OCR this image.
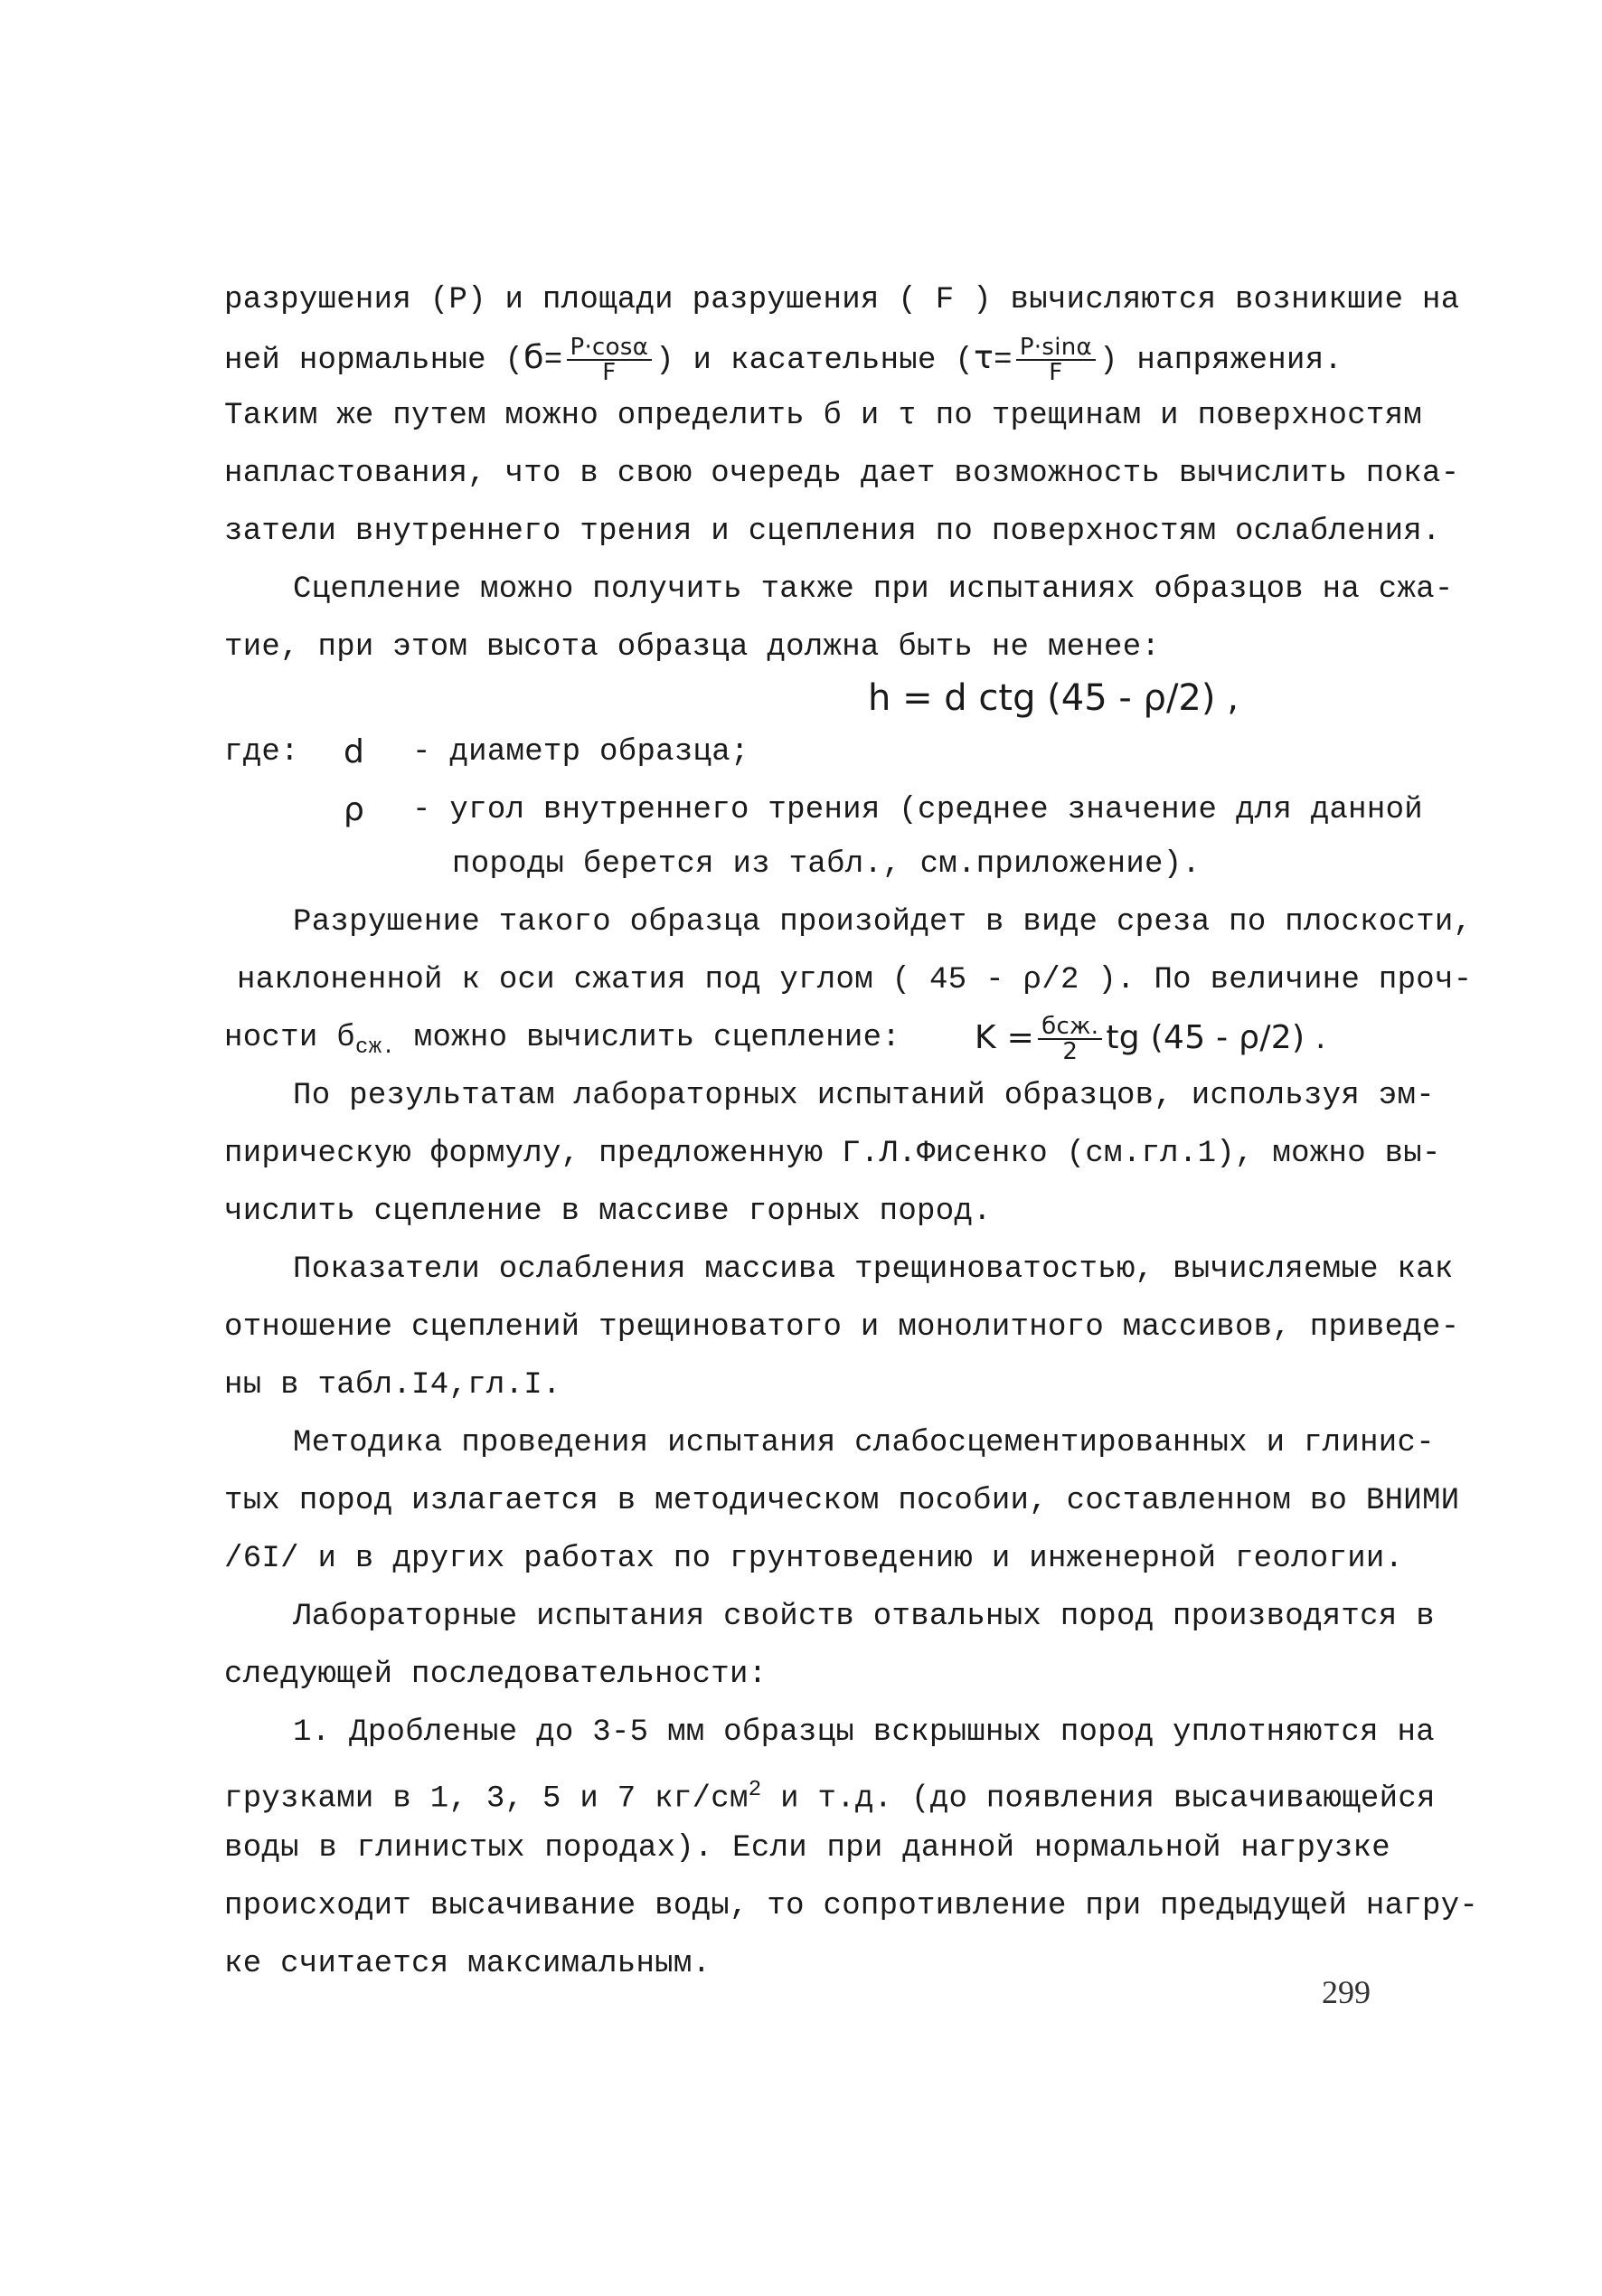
разрушения (Р) и площади разрушения ( F ) вычисляются возникшие на
ней нормальные ($б= \frac{P\cdot\cos\alpha}{F}$ ) и касательные ($\tau= \frac{P\cdot\sin\alpha}{F}$ ) напряжения.
Таким же путем можно определить б и τ по трещинам и поверхностям
напластования, что в свою очередь дает возможность вычислить пока-
затели внутреннего трения и сцепления по поверхностям ослабления.
Сцепление можно получить также при испытаниях образцов на сжа-
тие, при этом высота образца должна быть не менее:
h = d ctg (45 - ρ/2) ,
где: d - диаметр образца;
ρ - угол внутреннего трения (среднее значение для данной
породы берется из табл., см.приложение).
Разрушение такого образца произойдет в виде среза по плоскости,
наклоненной к оси сжатия под углом ( 45 - ρ/2 ). По величине проч-
ности $б_{сж.}$ можно вычислить сцепление: $K = \frac{\text{бсж.}}{2}$ tg (45 - ρ/2) .
По результатам лабораторных испытаний образцов, используя эм-
пирическую формулу, предложенную Г.Л.Фисенко (см.гл.1), можно вы-
числить сцепление в массиве горных пород.
Показатели ослабления массива трещиноватостью, вычисляемые как
отношение сцеплений трещиноватого и монолитного массивов, приведе-
ны в табл.I4,гл.I.
Методика проведения испытания слабосцементированных и глинис-
тых пород излагается в методическом пособии, составленном во ВНИМИ
/6I/ и в других работах по грунтоведению и инженерной геологии.
Лабораторные испытания свойств отвальных пород производятся в
следующей последовательности:
1. Дробленые до 3-5 мм образцы вскрышных пород уплотняются на
грузками в 1, 3, 5 и 7 $кг/см^2$ и т.д. (до появления высачивающейся
воды в глинистых породах). Если при данной нормальной нагрузке
происходит высачивание воды, то сопротивление при предыдущей нагру-
ке считается максимальным.
299
